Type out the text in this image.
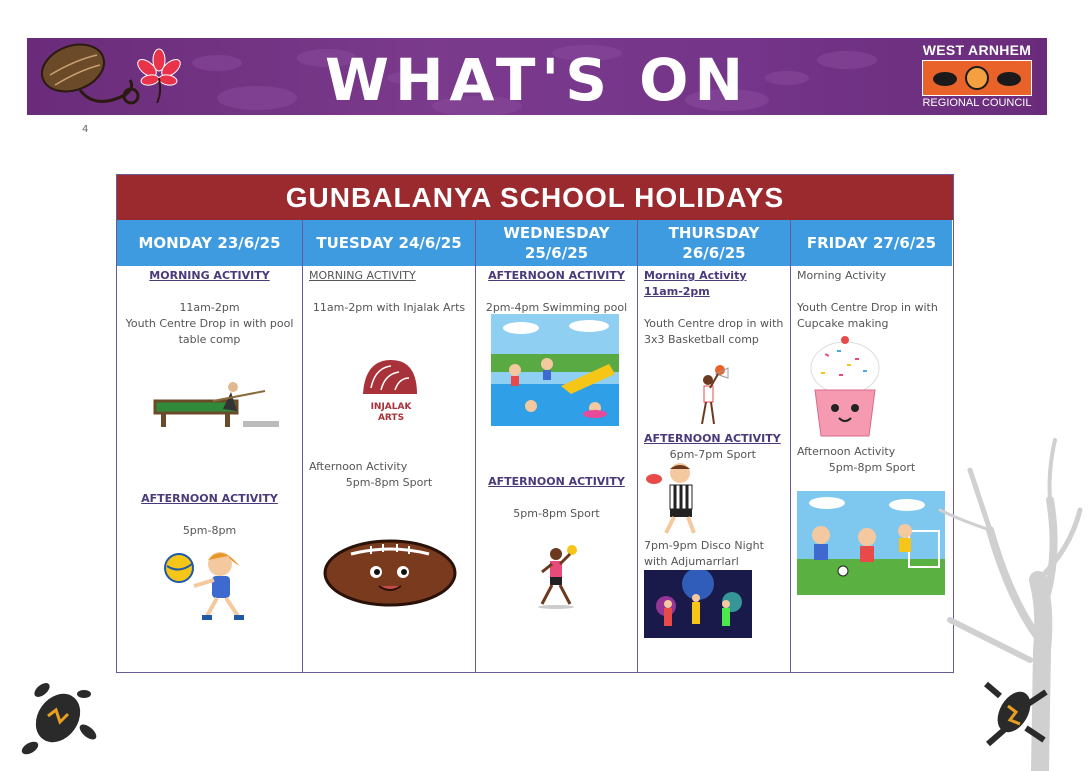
WHAT'S ON	WEST ARNHEM
REGIONAL COUNCIL
4
GUNBALANYA SCHOOL HOLIDAYS
MONDAY 23/6/25 TUESDAY 24/6/25
WEDNESDAY
25/6/25
THURSDAY
26/6/25
FRIDAY 27/6/25
MORNING ACTIVITY
11am-2pm
Youth Centre Drop in with pool table comp
AFTERNOON ACTIVITY
5pm-8pm
MORNING ACTIVITY
11am-2pm with Injalak Arts
INJALAK ARTS
Afternoon Activity
5pm-8pm Sport
AFTERNOON ACTIVITY
2pm-4pm Swimming pool
AFTERNOON ACTIVITY
5pm-8pm Sport
Morning Activity
11am-2pm
Youth Centre drop in with 3x3 Basketball comp
AFTERNOON ACTIVITY
6pm-7pm Sport
7pm-9pm Disco Night with Adjumarrlarl
Morning Activity
Youth Centre Drop in with Cupcake making
Afternoon Activity
5pm-8pm Sport
